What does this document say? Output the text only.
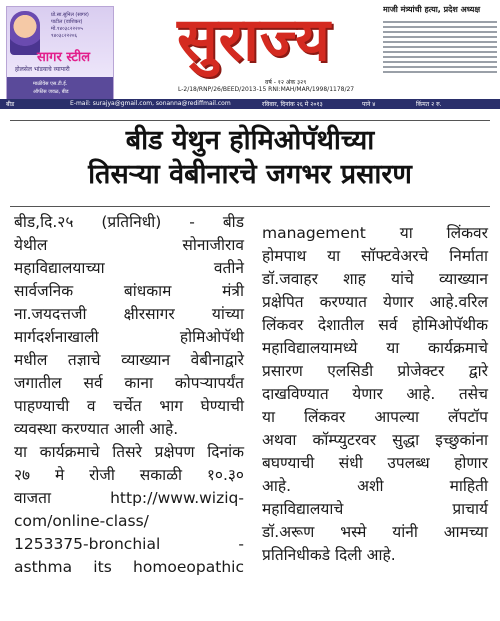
प्रो.सा.सुनिल (सागर)
पाटील (वाशिकर)
मो.९४०३८२२२०५
९४०३८२२२०६
सागर स्टील
होलसेल भांडयाचे व्यापारी
माळीवेस एस.टी.ई.
ऑफीस जवळ, बीड
सुराज्य
वर्ष - १२ अंक ३२९
L-2/18/RNP/26/BEED/2013-15 RNI:MAH/MAR/1998/1178/27
माजी मंत्र्यांची हत्या, प्रदेश अध्यक्ष
बीड	E-mail: surajya@gmail.com, sonanna@rediffmail.com	रविवार, दिनांक २६ मे २०१३	पाने ४	किंमत २ रु.
बीड येथुन होमिओपॅथीच्या
तिसऱ्या वेबीनारचे जगभर प्रसारण
बीड,दि.२५ (प्रतिनिधी) - बीड
येथील सोनाजीराव
महाविद्यालयाच्या वतीने
सार्वजनिक बांधकाम मंत्री
ना.जयदत्तजी क्षीरसागर यांच्या
मार्गदर्शनाखाली होमिओपॅथी
मधील तज्ञाचे व्याख्यान वेबीनाद्वारे
जगातील सर्व काना कोपऱ्यापर्यंत
पाहण्याची व चर्चेत भाग घेण्याची
व्यवस्था करण्यात आली आहे.
या कार्यक्रमाचे तिसरे प्रक्षेपण दिनांक
२७ मे रोजी सकाळी १०.३०
वाजता http://www.wiziq-
com/online-class/
1253375-bronchial -
asthma its homoeopathic
management या लिंकवर
होमपाथ या सॉफ्टवेअरचे निर्माता
डॉ.जवाहर शाह यांचे व्याख्यान
प्रक्षेपित करण्यात येणार आहे.वरिल
लिंकवर देशातील सर्व होमिओपॅथीक
महाविद्यालयामध्ये या कार्यक्रमाचे
प्रसारण एलसिडी प्रोजेक्टर द्वारे
दाखविण्यात येणार आहे. तसेच
या लिंकवर आपल्या लॅपटॉप
अथवा कॉम्प्युटरवर सुद्धा इच्छुकांना
बघण्याची संधी उपलब्ध होणार
आहे. अशी माहिती
महाविद्यालयाचे प्राचार्य
डॉ.अरूण भस्मे यांनी आमच्या
प्रतिनिधीकडे दिली आहे.
